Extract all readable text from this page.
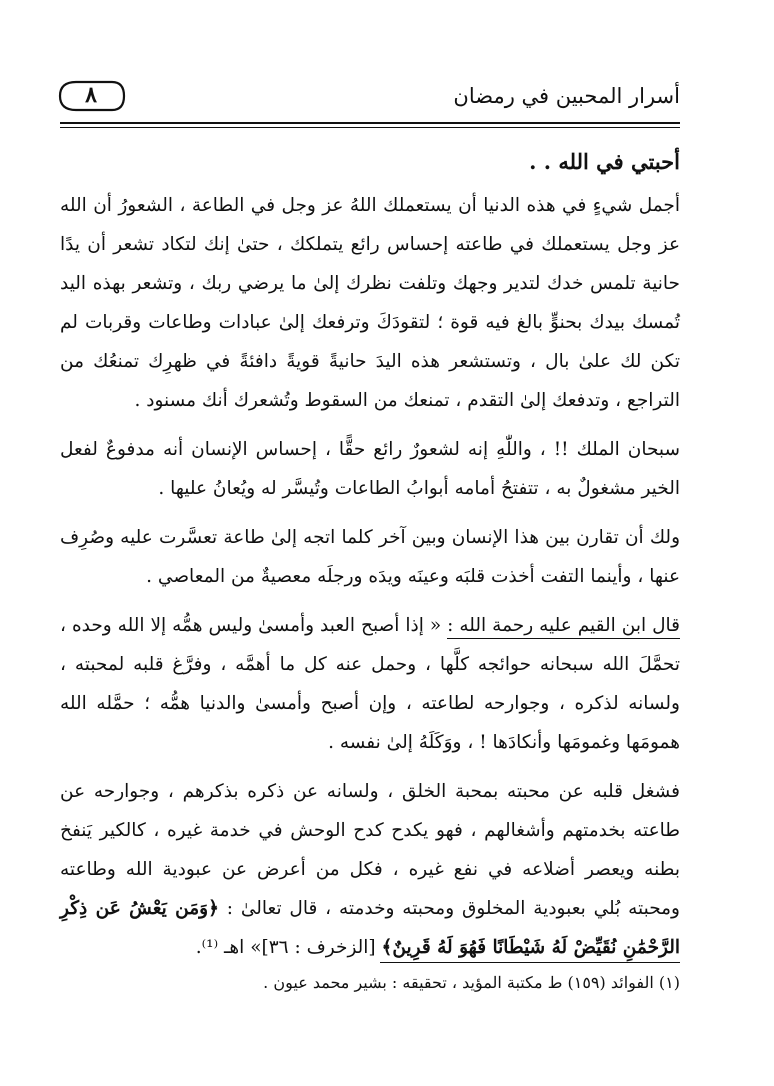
أسرار المحبين في رمضان
٨
أحبتي في الله . .

أجمل شيءٍ في هذه الدنيا أن يستعملك اللهُ عز وجل في الطاعة ، الشعورُ أن الله عز وجل يستعملك في طاعته إحساس رائع يتملكك ، حتىٰ إنك لتكاد تشعر أن يدًا حانية تلمس خدك لتدير وجهك وتلفت نظرك إلىٰ ما يرضي ربك ، وتشعر بهذه اليد تُمسك بيدك بحنوٍّ بالغ فيه قوة ؛ لتقودَكَ وترفعك إلىٰ عبادات وطاعات وقربات لم تكن لك علىٰ بال ، وتستشعر هذه اليدَ حانيةً قويةً دافئةً في ظهرِك تمنعُك من التراجع ، وتدفعك إلىٰ التقدم ، تمنعك من السقوط وتُشعرك أنك مسنود .

سبحان الملك !! ، واللّٰهِ إنه لشعورٌ رائع حقًّا ، إحساس الإنسان أنه مدفوعٌ لفعل الخير مشغولٌ به ، تتفتحُ أمامه أبوابُ الطاعات وتُيسَّر له ويُعانُ عليها .

ولك أن تقارن بين هذا الإنسان وبين آخر كلما اتجه إلىٰ طاعة تعسَّرت عليه وصُرِف عنها ، وأينما التفت أخذت قلبَه وعينَه ويدَه ورجلَه معصيةٌ من المعاصي .

قال ابن القيم عليه رحمة الله : « إذا أصبح العبد وأمسىٰ وليس همُّه إلا الله وحده ، تحمَّلَ الله سبحانه حوائجه كلَّها ، وحمل عنه كل ما أهمَّه ، وفرَّغ قلبه لمحبته ، ولسانه لذكره ، وجوارحه لطاعته ، وإن أصبح وأمسىٰ والدنيا همُّه ؛ حمَّله الله همومَها وغمومَها وأنكادَها ! ، ووَكَلَهُ إلىٰ نفسه .

فشغل قلبه عن محبته بمحبة الخلق ، ولسانه عن ذكره بذكرهم ، وجوارحه عن طاعته بخدمتهم وأشغالهم ، فهو يكدح كدح الوحش في خدمة غيره ، كالكير يَنفخ بطنه ويعصر أضلاعه في نفع غيره ، فكل من أعرض عن عبودية الله وطاعته ومحبته بُلي بعبودية المخلوق ومحبته وخدمته ، قال تعالىٰ : ﴿وَمَن يَعْشُ عَن ذِكْرِ الرَّحْمَٰنِ نُقَيِّضْ لَهُ شَيْطَانًا فَهُوَ لَهُ قَرِينٌ﴾ [الزخرف : ٣٦]» اهـ ⁽¹⁾.

(١) الفوائد (١٥٩) ط مكتبة المؤيد ، تحقيقه : بشير محمد عيون .
